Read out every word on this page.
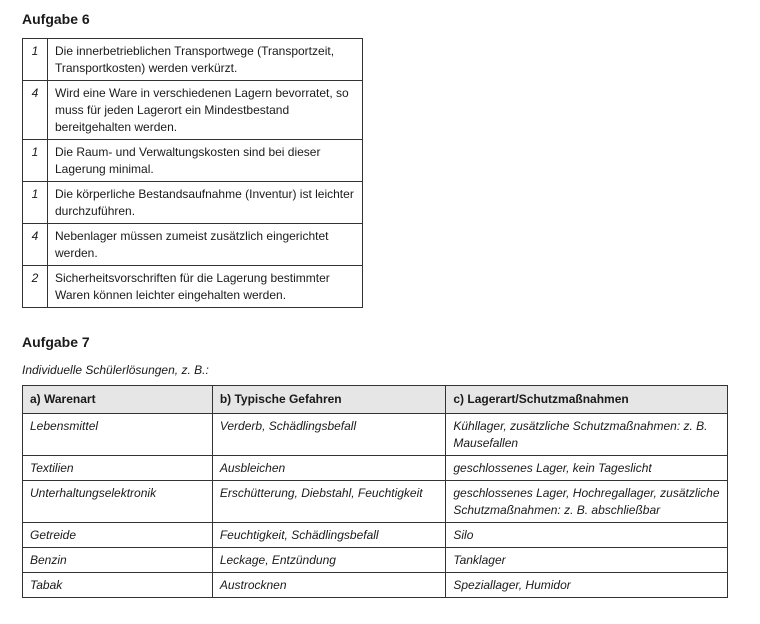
Aufgabe 6
1	Die innerbetrieblichen Transportwege (Transportzeit, Transportkosten) werden verkürzt.
4	Wird eine Ware in verschiedenen Lagern bevorratet, so muss für jeden Lagerort ein Mindestbestand bereitgehalten werden.
1	Die Raum- und Verwaltungskosten sind bei dieser Lagerung minimal.
1	Die körperliche Bestandsaufnahme (Inventur) ist leichter durchzuführen.
4	Nebenlager müssen zumeist zusätzlich eingerichtet werden.
2	Sicherheitsvorschriften für die Lagerung bestimmter Waren können leichter eingehalten werden.
Aufgabe 7
Individuelle Schülerlösungen, z. B.:
a) Warenart	b) Typische Gefahren	c) Lagerart/Schutzmaßnahmen
Lebensmittel	Verderb, Schädlingsbefall	Kühllager, zusätzliche Schutzmaßnahmen: z. B. Mausefallen
Textilien	Ausbleichen	geschlossenes Lager, kein Tageslicht
Unterhaltungselektronik	Erschütterung, Diebstahl, Feuchtigkeit	geschlossenes Lager, Hochregallager, zusätzliche Schutzmaßnahmen: z. B. abschließbar
Getreide	Feuchtigkeit, Schädlingsbefall	Silo
Benzin	Leckage, Entzündung	Tanklager
Tabak	Austrocknen	Speziallager, Humidor
